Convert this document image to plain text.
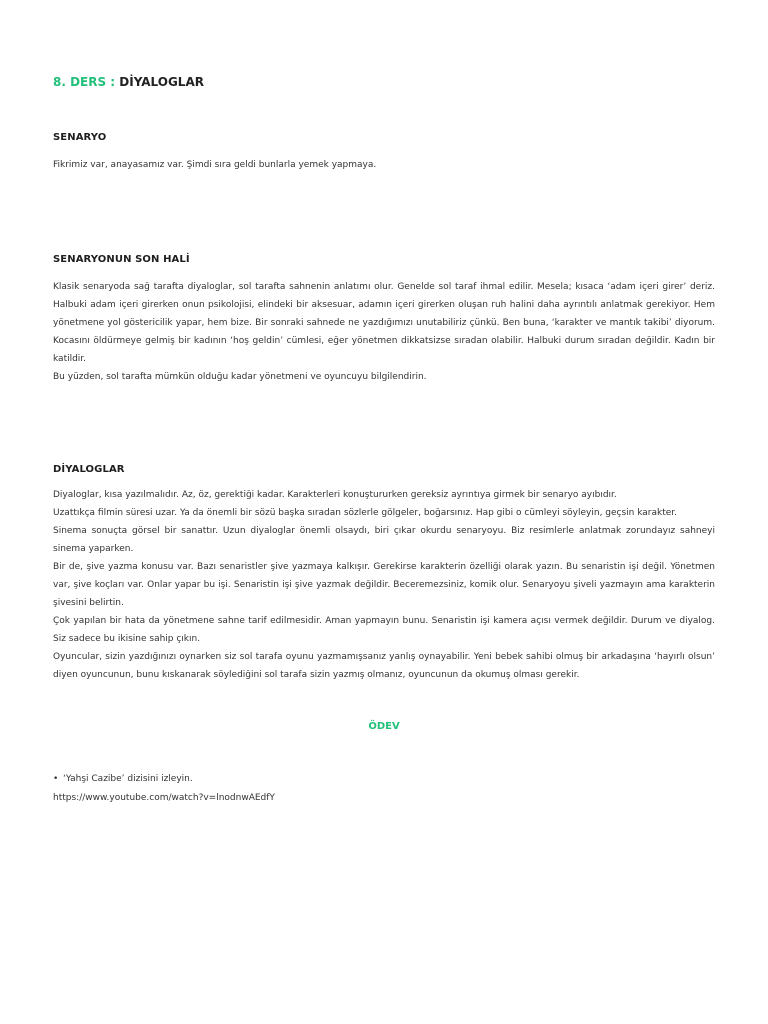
8. DERS : DİYALOGLAR
SENARYO

Fikrimiz var, anayasamız var. Şimdi sıra geldi bunlarla yemek yapmaya.

SENARYONUN SON HALİ

Klasik senaryoda sağ tarafta diyaloglar, sol tarafta sahnenin anlatımı olur. Genelde sol taraf ihmal edilir. Mesela; kısaca ‘adam içeri girer’ deriz. Halbuki adam içeri girerken onun psikolojisi, elindeki bir aksesuar, adamın içeri girerken oluşan ruh halini daha ayrıntılı anlatmak gerekiyor. Hem yönetmene yol göstericilik yapar, hem bize. Bir sonraki sahnede ne yazdığımızı unutabiliriz çünkü. Ben buna, ‘karakter ve mantık takibi’ diyorum. Kocasını öldürmeye gelmiş bir kadının ‘hoş geldin’ cümlesi, eğer yönetmen dikkatsizse sıradan olabilir. Halbuki durum sıradan değildir. Kadın bir katildir.

Bu yüzden, sol tarafta mümkün olduğu kadar yönetmeni ve oyuncuyu bilgilendirin.

DİYALOGLAR

Diyaloglar, kısa yazılmalıdır. Az, öz, gerektiği kadar. Karakterleri konuştururken gereksiz ayrıntıya girmek bir senaryo ayıbıdır.

Uzattıkça filmin süresi uzar. Ya da önemli bir sözü başka sıradan sözlerle gölgeler, boğarsınız. Hap gibi o cümleyi söyleyin, geçsin karakter.

Sinema sonuçta görsel bir sanattır. Uzun diyaloglar önemli olsaydı, biri çıkar okurdu senaryoyu. Biz resimlerle anlatmak zorundayız sahneyi sinema yaparken.

Bir de, şive yazma konusu var. Bazı senaristler şive yazmaya kalkışır. Gerekirse karakterin özelliği olarak yazın. Bu senaristin işi değil. Yönetmen var, şive koçları var. Onlar yapar bu işi. Senaristin işi şive yazmak değildir. Beceremezsiniz, komik olur. Senaryoyu şiveli yazmayın ama karakterin şivesini belirtin.

Çok yapılan bir hata da yönetmene sahne tarif edilmesidir. Aman yapmayın bunu. Senaristin işi kamera açısı vermek değildir. Durum ve diyalog. Siz sadece bu ikisine sahip çıkın.

Oyuncular, sizin yazdığınızı oynarken siz sol tarafa oyunu yazmamışsanız yanlış oynayabilir. Yeni bebek sahibi olmuş bir arkadaşına ‘hayırlı olsun’ diyen oyuncunun, bunu kıskanarak söylediğini sol tarafa sizin yazmış olmanız, oyuncunun da okumuş olması gerekir.

ÖDEV
• ‘Yahşi Cazibe’ dizisini izleyin.
https://www.youtube.com/watch?v=lnodnwAEdfY
